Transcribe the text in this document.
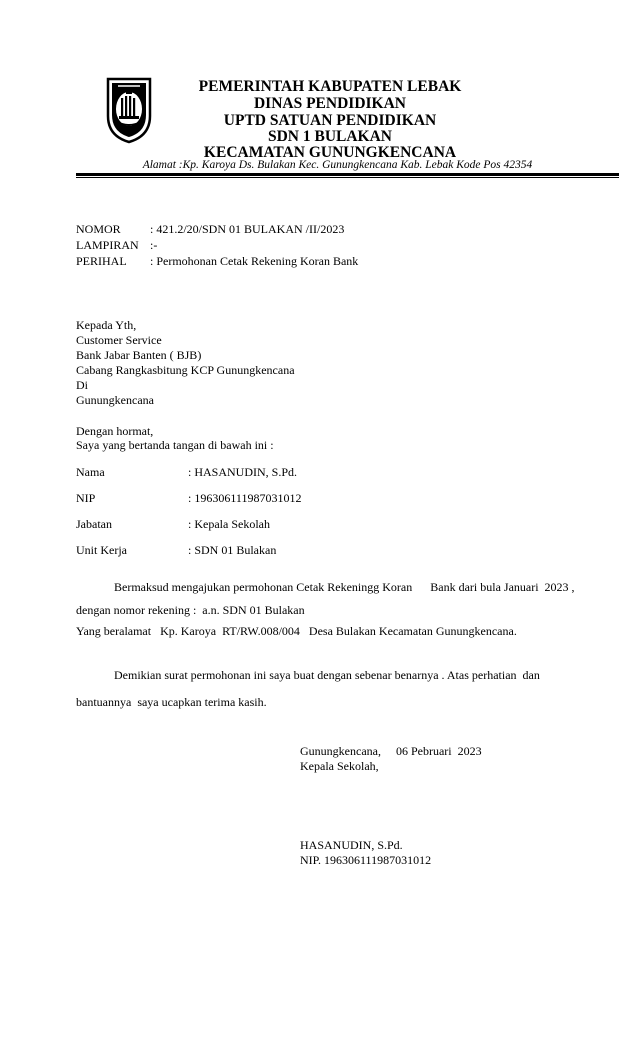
PEMERINTAH KABUPATEN LEBAK
DINAS PENDIDIKAN
UPTD SATUAN PENDIDIKAN
SDN 1 BULAKAN
KECAMATAN GUNUNGKENCANA
Alamat :Kp. Karoya Ds. Bulakan Kec. Gunungkencana Kab. Lebak Kode Pos 42354
NOMOR : 421.2/20/SDN 01 BULAKAN /II/2023
LAMPIRAN :-
PERIHAL : Permohonan Cetak Rekening Koran Bank
Kepada Yth,
Customer Service
Bank Jabar Banten ( BJB)
Cabang Rangkasbitung KCP Gunungkencana
Di
Gunungkencana
Dengan hormat,
Saya yang bertanda tangan di bawah ini :
Nama	: HASANUDIN, S.Pd.
NIP	: 196306111987031012
Jabatan	: Kepala Sekolah
Unit Kerja	: SDN 01 Bulakan
Bermaksud mengajukan permohonan Cetak Rekeningg Koran      Bank dari bula Januari  2023 ,
dengan nomor rekening :  a.n. SDN 01 Bulakan
Yang beralamat   Kp. Karoya  RT/RW.008/004   Desa Bulakan Kecamatan Gunungkencana.
Demikian surat permohonan ini saya buat dengan sebenar benarnya . Atas perhatian  dan
bantuannya  saya ucapkan terima kasih.
Gunungkencana,     06 Pebruari  2023
Kepala Sekolah,
HASANUDIN, S.Pd.
NIP. 196306111987031012
